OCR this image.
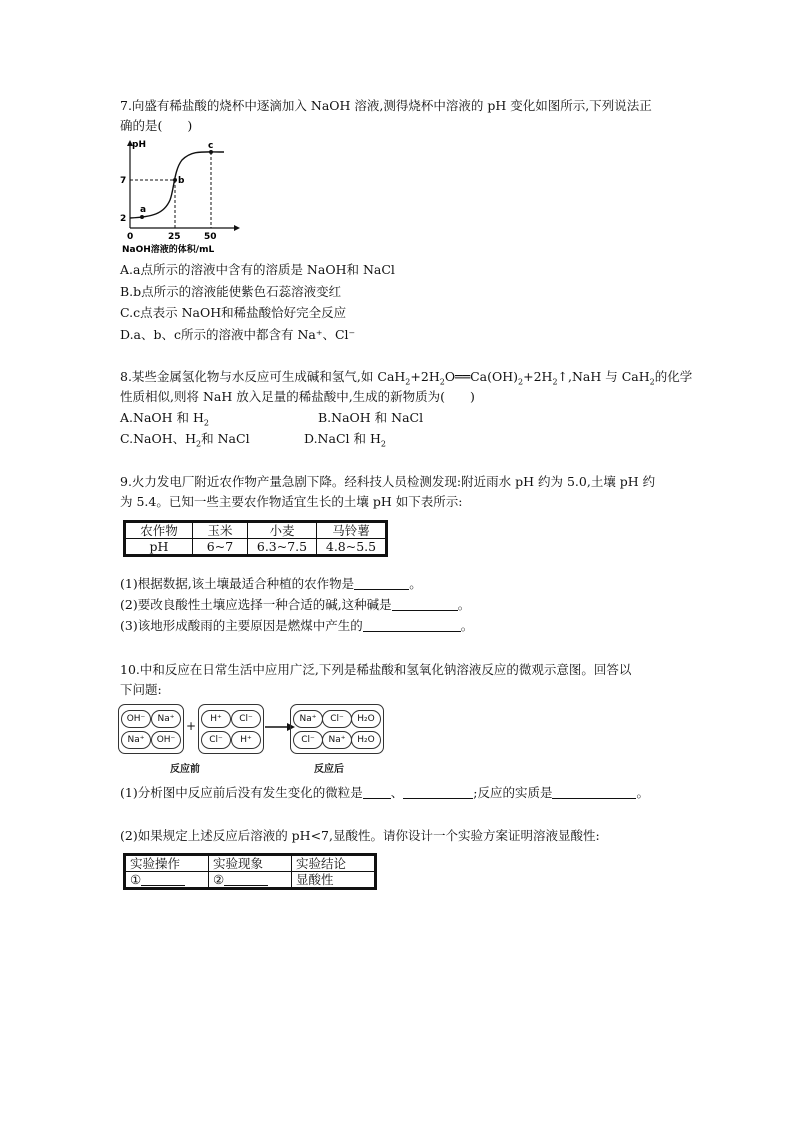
7.向盛有稀盐酸的烧杯中逐滴加入 NaOH 溶液,测得烧杯中溶液的 pH 变化如图所示,下列说法正
确的是(　　)
pH
7
2
0	25	50
a
b
c
NaOH溶液的体积/mL
A.a点所示的溶液中含有的溶质是 NaOH和 NaCl
B.b点所示的溶液能使紫色石蕊溶液变红
C.c点表示 NaOH和稀盐酸恰好完全反应
D.a、b、c所示的溶液中都含有 Na⁺、Cl⁻
8.某些金属氢化物与水反应可生成碱和氢气,如 $CaH_2+2H_2O══Ca(OH)_2+2H_2↑,NaH$ 与 CaH$_2$的化学
性质相似,则将 NaH 放入足量的稀盐酸中,生成的新物质为(　　)
A.NaOH 和 $H_2$	B.NaOH 和 NaCl
C.NaOH、$H_2$和 NaCl	D.NaCl 和 $H_2$
9.火力发电厂附近农作物产量急剧下降。经科技人员检测发现:附近雨水 pH 约为 5.0,土壤 pH 约
为 5.4。已知一些主要农作物适宜生长的土壤 pH 如下表所示:
农作物	玉米	小麦	马铃薯
pH	6~7	6.3~7.5	4.8~5.5
(1)根据数据,该土壤最适合种植的农作物是	。
(2)要改良酸性土壤应选择一种合适的碱,这种碱是	。
(3)该地形成酸雨的主要原因是燃煤中产生的	。
10.中和反应在日常生活中应用广泛,下列是稀盐酸和氢氧化钠溶液反应的微观示意图。回答以
下问题:
OH⁻	Na⁺
Na⁺	OH⁻
+	H⁺	Cl⁻
Cl⁻	H⁺
Na⁺	Cl⁻	H₂O
Cl⁻	Na⁺	H₂O
反应前	反应后
(1)分析图中反应前后没有发生变化的微粒是 、	;反应的实质是	。
(2)如果规定上述反应后溶液的 pH<7,显酸性。请你设计一个实验方案证明溶液显酸性:
实验操作	实验现象	实验结论
①	②	显酸性
